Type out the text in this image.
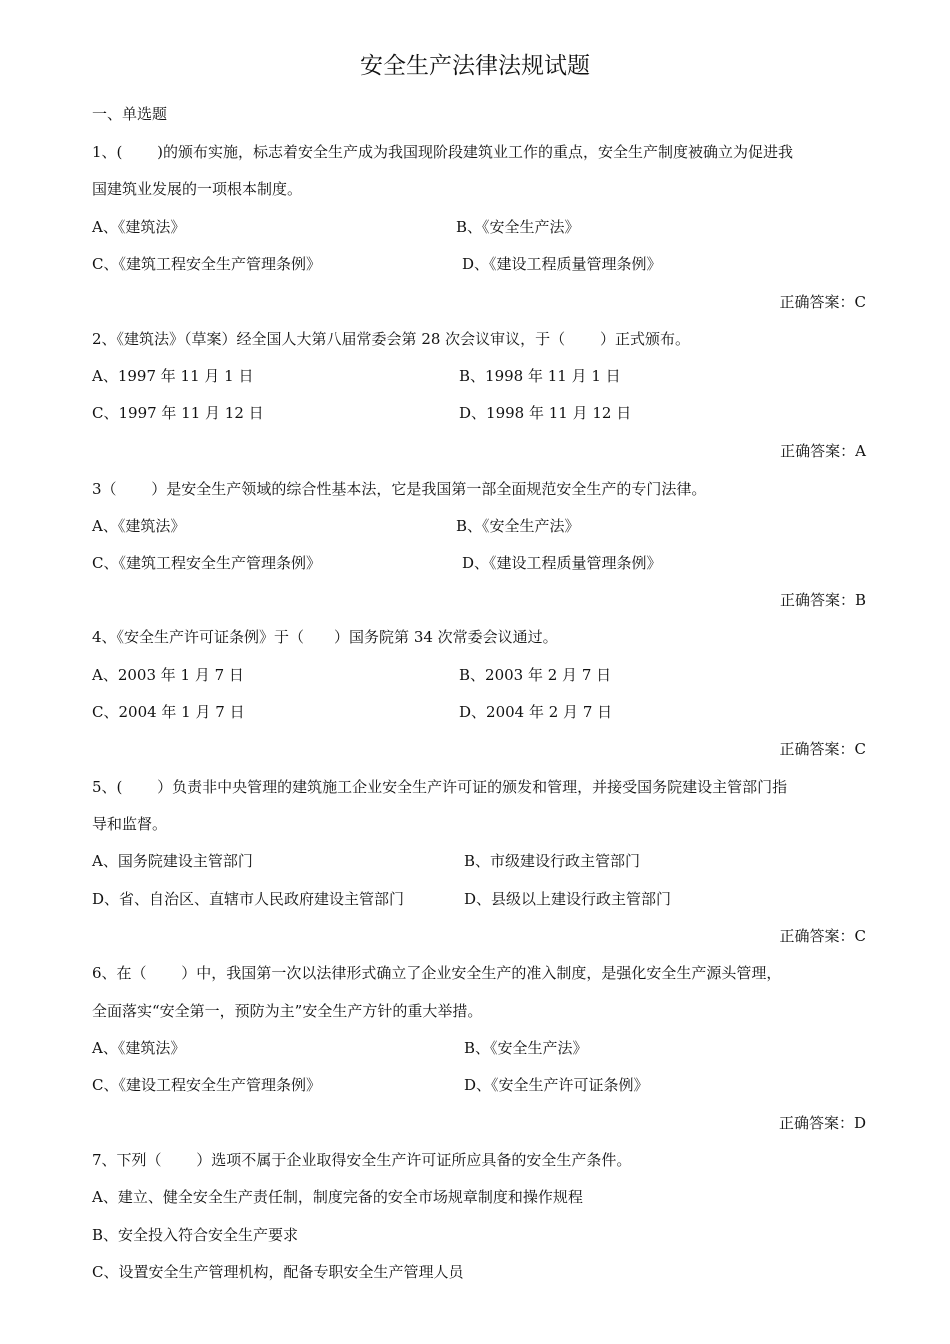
安全生产法律法规试题
一、单选题
1、(　　 )的颁布实施，标志着安全生产成为我国现阶段建筑业工作的重点，安全生产制度被确立为促进我
国建筑业发展的一项根本制度。
A、《建筑法》	B、《安全生产法》
C、《建筑工程安全生产管理条例》	D、《建设工程质量管理条例》
正确答案：C
2、《建筑法》（草案）经全国人大第八届常委会第 28 次会议审议，于（　　 ）正式颁布。
A、1997 年 11 月 1 日	B、1998 年 11 月 1 日
C、1997 年 11 月 12 日	D、1998 年 11 月 12 日
正确答案：A
3（　　 ）是安全生产领域的综合性基本法，它是我国第一部全面规范安全生产的专门法律。
A、《建筑法》	B、《安全生产法》
C、《建筑工程安全生产管理条例》	D、《建设工程质量管理条例》
正确答案：B
4、《安全生产许可证条例》于（　　）国务院第 34 次常委会议通过。
A、2003 年 1 月 7 日	B、2003 年 2 月 7 日
C、2004 年 1 月 7 日	D、2004 年 2 月 7 日
正确答案：C
5、(　　 ）负责非中央管理的建筑施工企业安全生产许可证的颁发和管理，并接受国务院建设主管部门指
导和监督。
A、国务院建设主管部门	B、市级建设行政主管部门
D、省、自治区、直辖市人民政府建设主管部门	D、县级以上建设行政主管部门
正确答案：C
6、在（　　 ）中，我国第一次以法律形式确立了企业安全生产的准入制度，是强化安全生产源头管理，
全面落实“安全第一，预防为主”安全生产方针的重大举措。
A、《建筑法》	B、《安全生产法》
C、《建设工程安全生产管理条例》	D、《安全生产许可证条例》
正确答案：D
7、下列（　　 ）选项不属于企业取得安全生产许可证所应具备的安全生产条件。
A、建立、健全安全生产责任制，制度完备的安全市场规章制度和操作规程
B、安全投入符合安全生产要求
C、设置安全生产管理机构，配备专职安全生产管理人员
